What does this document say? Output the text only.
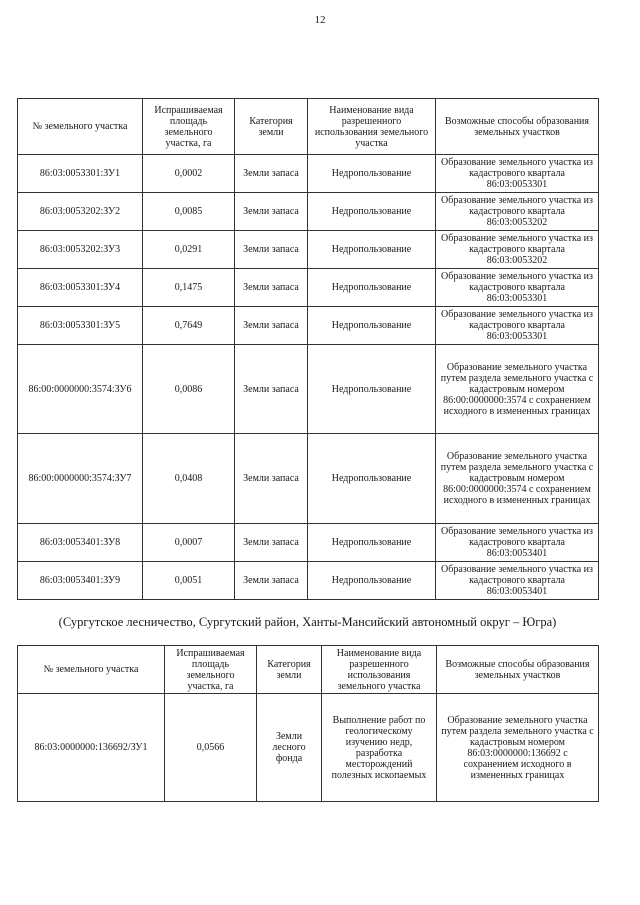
12
№ земельного участка	Испрашиваемая площадь земельного участка, га	Категория земли	Наименование вида разрешенного использования земельного участка	Возможные способы образования земельных участков
86:03:0053301:ЗУ1	0,0002	Земли запаса	Недропользование	Образование земельного участка из кадастрового квартала 86:03:0053301
86:03:0053202:ЗУ2	0,0085	Земли запаса	Недропользование	Образование земельного участка из кадастрового квартала 86:03:0053202
86:03:0053202:ЗУ3	0,0291	Земли запаса	Недропользование	Образование земельного участка из кадастрового квартала 86:03:0053202
86:03:0053301:ЗУ4	0,1475	Земли запаса	Недропользование	Образование земельного участка из кадастрового квартала 86:03:0053301
86:03:0053301:ЗУ5	0,7649	Земли запаса	Недропользование	Образование земельного участка из кадастрового квартала 86:03:0053301
86:00:0000000:3574:ЗУ6	0,0086	Земли запаса	Недропользование	Образование земельного участка путем раздела земельного участка с кадастровым номером 86:00:0000000:3574 с сохранением исходного в измененных границах
86:00:0000000:3574:ЗУ7	0,0408	Земли запаса	Недропользование	Образование земельного участка путем раздела земельного участка с кадастровым номером 86:00:0000000:3574 с сохранением исходного в измененных границах
86:03:0053401:ЗУ8	0,0007	Земли запаса	Недропользование	Образование земельного участка из кадастрового квартала 86:03:0053401
86:03:0053401:ЗУ9	0,0051	Земли запаса	Недропользование	Образование земельного участка из кадастрового квартала 86:03:0053401
(Сургутское лесничество, Сургутский район, Ханты-Мансийский автономный округ – Югра)
№ земельного участка	Испрашиваемая площадь земельного участка, га	Категория земли	Наименование вида разрешенного использования земельного участка	Возможные способы образования земельных участков
86:03:0000000:136692/ЗУ1	0,0566	Земли лесного фонда	Выполнение работ по геологическому изучению недр, разработка месторождений полезных ископаемых	Образование земельного участка путем раздела земельного участка с кадастровым номером 86:03:0000000:136692 с сохранением исходного в измененных границах
